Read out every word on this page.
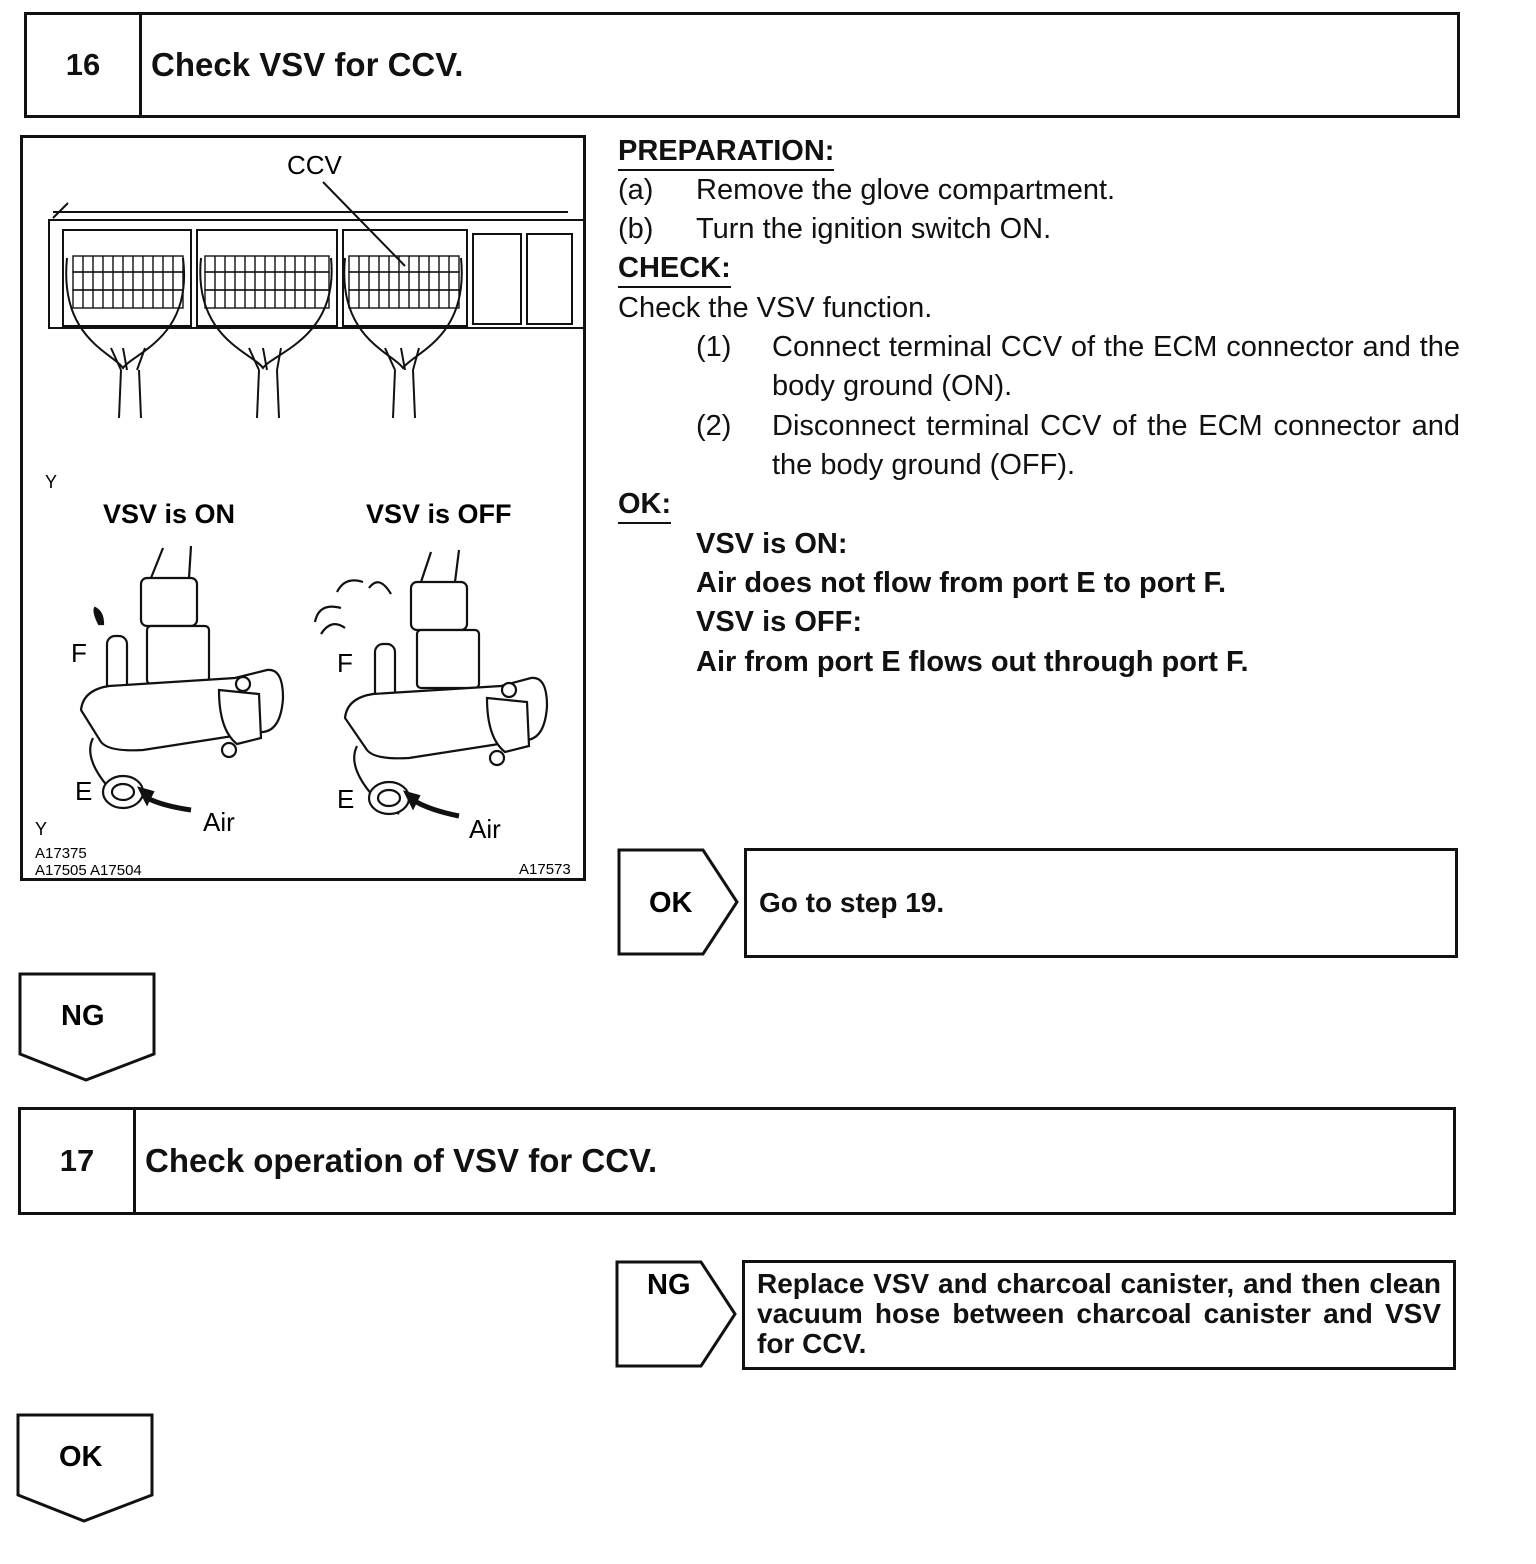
16	Check VSV for CCV.
CCV
Y
VSV is ON	VSV is OFF
F
E
Air
F
E
Air
Y
A17375
A17505 A17504	A17573
PREPARATION:
(a) Remove the glove compartment.
(b) Turn the ignition switch ON.
CHECK:
Check the VSV function.
(1) Connect terminal CCV of the ECM connector and the body ground (ON).
(2) Disconnect terminal CCV of the ECM connector and the body ground (OFF).
OK:
VSV is ON:
Air does not flow from port E to port F.
VSV is OFF:
Air from port E flows out through port F.
OK Go to step 19.
NG
17	Check operation of VSV for CCV.
NG Replace VSV and charcoal canister, and then clean vacuum hose between charcoal canister and VSV for CCV.
OK
